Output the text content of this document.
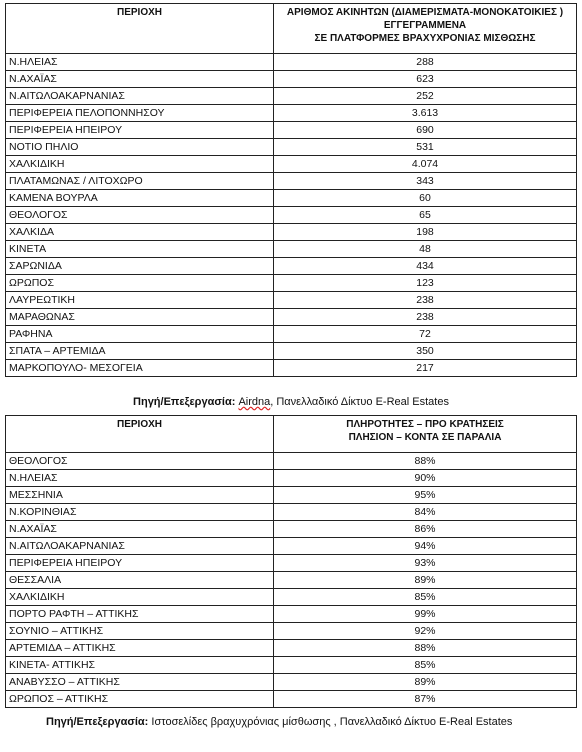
ΠΕΡΙΟΧΗ	ΑΡΙΘΜΟΣ ΑΚΙΝΗΤΩΝ (ΔΙΑΜΕΡΙΣΜΑΤΑ-ΜΟΝΟΚΑΤΟΙΚΙΕΣ )
ΕΓΓΕΓΡΑΜΜΕΝΑ
ΣΕ ΠΛΑΤΦΟΡΜΕΣ ΒΡΑΧΥΧΡΟΝΙΑΣ ΜΙΣΘΩΣΗΣ

Ν.ΗΛΕΙΑΣ	288
Ν.ΑΧΑΪΑΣ	623
Ν.ΑΙΤΩΛΟΑΚΑΡΝΑΝΙΑΣ	252
ΠΕΡΙΦΕΡΕΙΑ ΠΕΛΟΠΟΝΝΗΣΟΥ	3.613
ΠΕΡΙΦΕΡΕΙΑ ΗΠΕΙΡΟΥ	690
ΝΟΤΙΟ ΠΗΛΙΟ	531
ΧΑΛΚΙΔΙΚΗ	4.074
ΠΛΑΤΑΜΩΝΑΣ / ΛΙΤΟΧΩΡΟ	343
ΚΑΜΕΝΑ ΒΟΥΡΛΑ	60
ΘΕΟΛΟΓΟΣ	65
ΧΑΛΚΙΔΑ	198
ΚΙΝΕΤΑ	48
ΣΑΡΩΝΙΔΑ	434
ΩΡΩΠΟΣ	123
ΛΑΥΡΕΩΤΙΚΗ	238
ΜΑΡΑΘΩΝΑΣ	238
ΡΑΦΗΝΑ	72
ΣΠΑΤΑ – ΑΡΤΕΜΙΔΑ	350
ΜΑΡΚΟΠΟΥΛΟ- ΜΕΣΟΓΕΙΑ	217
Πηγή/Επεξεργασία: Airdna, Πανελλαδικό Δίκτυο E-Real Estates
ΠΕΡΙΟΧΗ	ΠΛΗΡΟΤΗΤΕΣ – ΠΡΟ ΚΡΑΤΗΣΕΙΣ
ΠΛΗΣΙΟΝ – ΚΟΝΤΑ ΣΕ ΠΑΡΑΛΙΑ

ΘΕΟΛΟΓΟΣ	88%
Ν.ΗΛΕΙΑΣ	90%
ΜΕΣΣΗΝΙΑ	95%
Ν.ΚΟΡΙΝΘΙΑΣ	84%
Ν.ΑΧΑΪΑΣ	86%
Ν.ΑΙΤΩΛΟΑΚΑΡΝΑΝΙΑΣ	94%
ΠΕΡΙΦΕΡΕΙΑ ΗΠΕΙΡΟΥ	93%
ΘΕΣΣΑΛΙΑ	89%
ΧΑΛΚΙΔΙΚΗ	85%
ΠΟΡΤΟ ΡΑΦΤΗ – ΑΤΤΙΚΗΣ	99%
ΣΟΥΝΙΟ – ΑΤΤΙΚΗΣ	92%
ΑΡΤΕΜΙΔΑ – ΑΤΤΙΚΗΣ	88%
ΚΙΝΕΤΑ- ΑΤΤΙΚΗΣ	85%
ΑΝΑΒΥΣΣΟ – ΑΤΤΙΚΗΣ	89%
ΩΡΩΠΟΣ – ΑΤΤΙΚΗΣ	87%
Πηγή/Επεξεργασία: Ιστοσελίδες βραχυχρόνιας μίσθωσης , Πανελλαδικό Δίκτυο E-Real Estates
